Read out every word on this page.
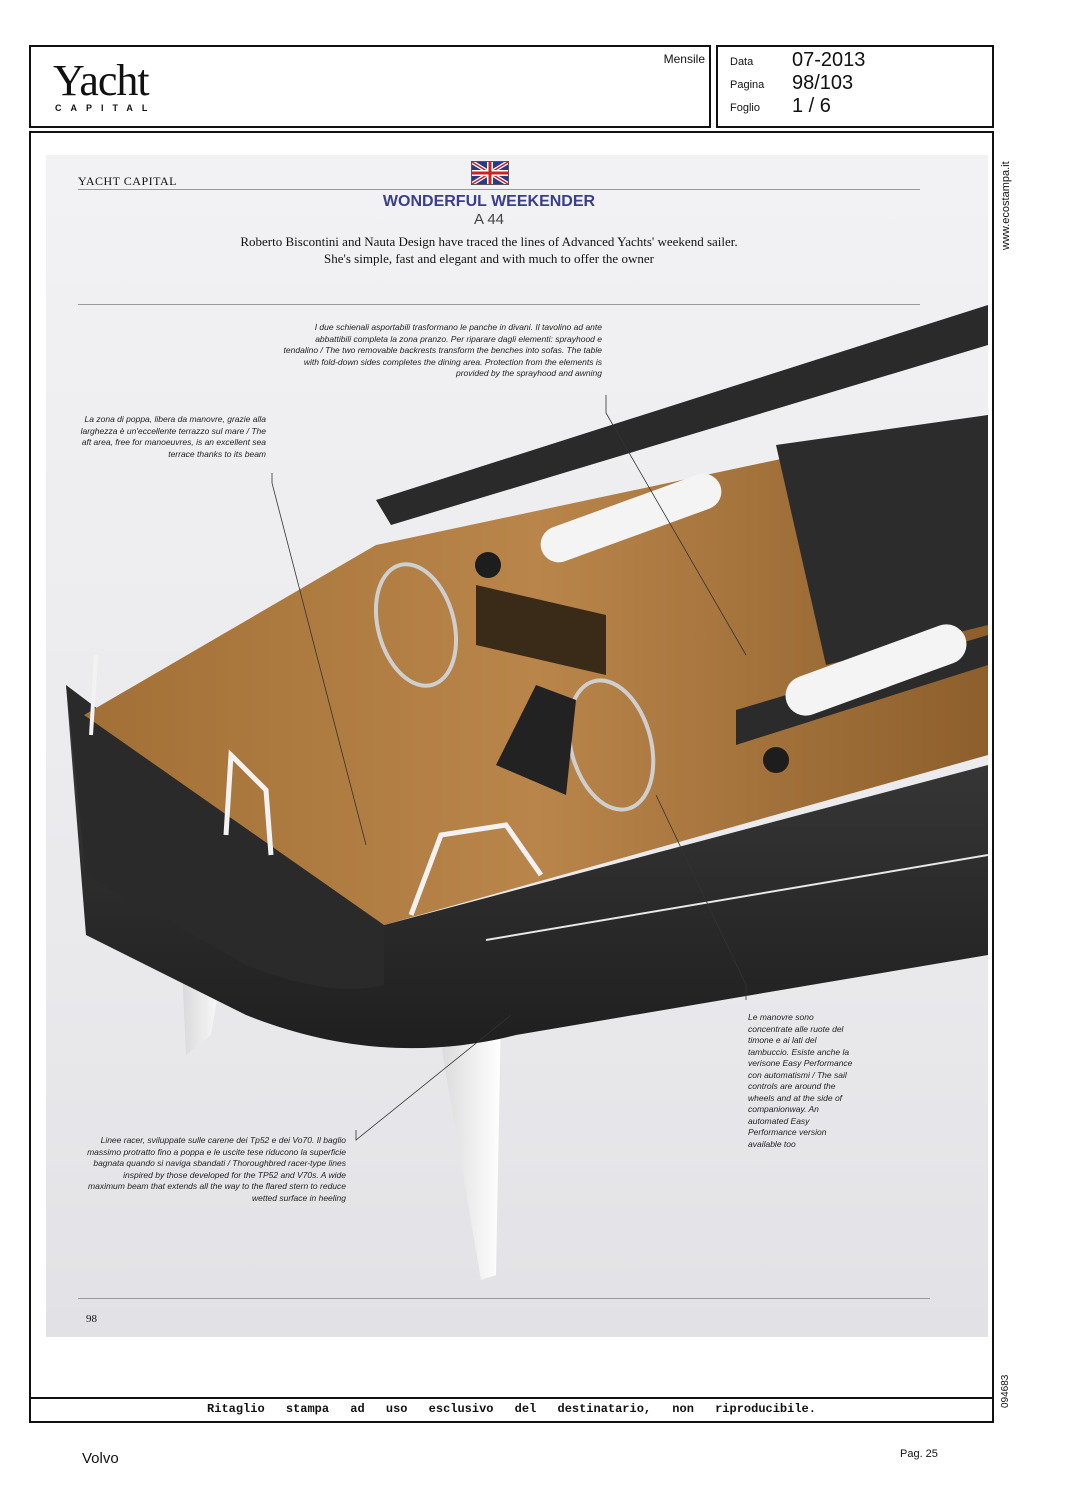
Yacht
CAPITAL
Mensile Data 07-2013
Pagina 98/103
Foglio 1 / 6
Ritaglio stampa ad uso esclusivo del destinatario, non riproducibile.
www.ecostampa.it
094683
YACHT CAPITAL
WONDERFUL WEEKENDER
A 44
Roberto Biscontini and Nauta Design have traced the lines of Advanced Yachts' weekend sailer.
She's simple, fast and elegant and with much to offer the owner
I due schienali asportabili trasformano le panche in divani. Il tavolino ad ante abbattibili completa la zona pranzo. Per riparare dagli elementi: sprayhood e tendalino / The two removable backrests transform the benches into sofas. The table with fold-down sides completes the dining area. Protection from the elements is provided by the sprayhood and awning
La zona di poppa, libera da manovre, grazie alla larghezza è un'eccellente terrazzo sul mare / The aft area, free for manoeuvres, is an excellent sea terrace thanks to its beam
Le manovre sono concentrate alle ruote del timone e ai lati del tambuccio. Esiste anche la verisone Easy Performance con automatismi / The sail controls are around the wheels and at the side of companionway. An automated Easy Performance version available too
Linee racer, sviluppate sulle carene dei Tp52 e dei Vo70. Il baglio massimo protratto fino a poppa e le uscite tese riducono la superficie bagnata quando si naviga sbandati / Thoroughbred racer-type lines inspired by those developed for the TP52 and V70s. A wide maximum beam that extends all the way to the flared stern to reduce wetted surface in heeling
98
Volvo	Pag. 25
